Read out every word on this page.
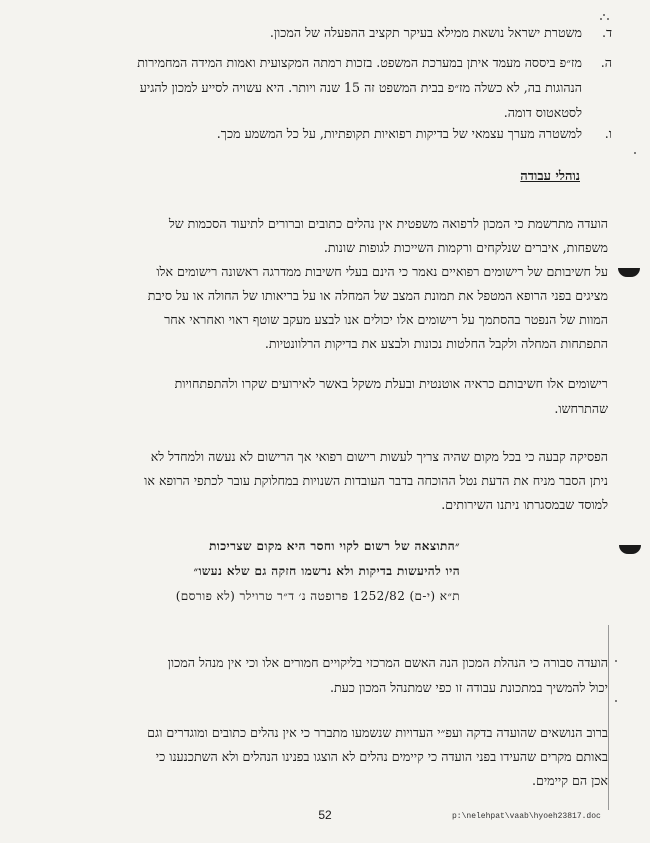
ד.
משטרת ישראל נושאת ממילא בעיקר תקציב ההפעלה של המכון.
ה.
מז״פ ביססה מעמד איתן במערכת המשפט. בזכות רמתה המקצועית ואמות המידה המחמירות
הנהוגות בה, לא כשלה מז״פ בבית המשפט זה 15 שנה ויותר. היא עשויה לסייע למכון להגיע
לסטאטוס דומה.
ו.
למשטרה מערך עצמאי של בדיקות רפואיות תקופתיות, על כל המשמע מכך.
נוהלי עבודה
הועדה מתרשמת כי המכון לרפואה משפטית אין נהלים כתובים וברורים לתיעוד הסכמות של
משפחות, איברים שנלקחים ורקמות השייכות לגופות שונות.
על חשיבותם של רישומים רפואיים נאמר כי הינם בעלי חשיבות ממדרגה ראשונה רישומים אלו
מציגים בפני הרופא המטפל את תמונת המצב של המחלה או על בריאותו של החולה או על סיבת
המוות של הנפטר בהסתמך על רישומים אלו יכולים אנו לבצע מעקב שוטף ראוי ואחראי אחר
התפתחות המחלה ולקבל החלטות נכונות ולבצע את בדיקות הרלוונטיות.
רישומים אלו חשיבותם כראיה אוטנטית ובעלת משקל באשר לאירועים שקרו ולהתפתחויות
שהתרחשו.
הפסיקה קבעה כי בכל מקום שהיה צריך לעשות רישום רפואי אך הרישום לא נעשה ולמחדל לא
ניתן הסבר מניח את הדעת נטל ההוכחה בדבר העובדות השנויות במחלוקת עובר לכתפי הרופא או
למוסד שבמסגרתו ניתנו השירותים.
״התוצאה של רשום לקוי וחסר היא מקום שצריכות
היו להיעשות בדיקות ולא נרשמו חזקה גם שלא נעשו״
ת״א (י-ם) 1252/82 פרופטה נ׳ ד״ר טרוילר (לא פורסם)
הועדה סבורה כי הנהלת המכון הנה האשם המרכזי בליקויים חמורים אלו וכי אין מנהל המכון
יכול להמשיך במתכונת עבודה זו כפי שמתנהל המכון כעת.
ברוב הנושאים שהועדה בדקה ועפ״י העדויות שנשמעו מתברר כי אין נהלים כתובים ומוגדרים וגם
באותם מקרים שהעידו בפני הועדה כי קיימים נהלים לא הוצגו בפנינו הנהלים ולא השתכנענו כי
אכן הם קיימים.
52	p:\nelehpat\vaab\hyoeh23817.doc
